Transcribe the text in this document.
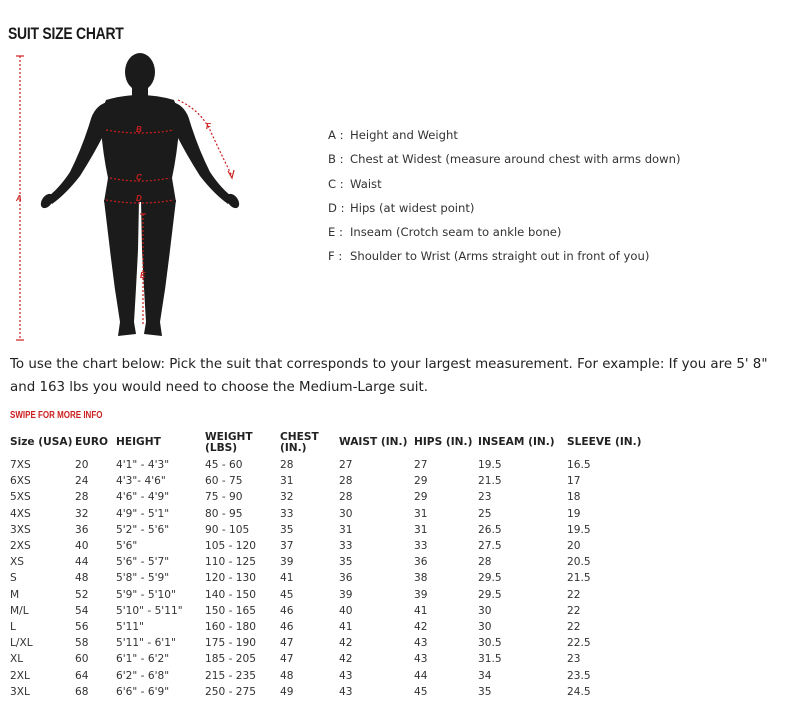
SUIT SIZE CHART
A
B
C
D
E
F
A : Height and Weight
B : Chest at Widest (measure around chest with arms down)
C : Waist
D : Hips (at widest point)
E : Inseam (Crotch seam to ankle bone)
F : Shoulder to Wrist (Arms straight out in front of you)
To use the chart below: Pick the suit that corresponds to your largest measurement. For example: If you are 5' 8" and 163 lbs you would need to choose the Medium-Large suit.
SWIPE FOR MORE INFO
Size (USA)	EURO	HEIGHT	WEIGHT (LBS)	CHEST (IN.)	WAIST (IN.)	HIPS (IN.)	INSEAM (IN.)	SLEEVE (IN.)
7XS	20	4'1" - 4'3"	45 - 60	28	27	27	19.5	16.5
6XS	24	4'3"- 4'6"	60 - 75	31	28	29	21.5	17
5XS	28	4'6" - 4'9"	75 - 90	32	28	29	23	18
4XS	32	4'9" - 5'1"	80 - 95	33	30	31	25	19
3XS	36	5'2" - 5'6"	90 - 105	35	31	31	26.5	19.5
2XS	40	5'6"	105 - 120	37	33	33	27.5	20
XS	44	5'6" - 5'7"	110 - 125	39	35	36	28	20.5
S	48	5'8" - 5'9"	120 - 130	41	36	38	29.5	21.5
M	52	5'9" - 5'10"	140 - 150	45	39	39	29.5	22
M/L	54	5'10" - 5'11"	150 - 165	46	40	41	30	22
L	56	5'11"	160 - 180	46	41	42	30	22
L/XL	58	5'11" - 6'1"	175 - 190	47	42	43	30.5	22.5
XL	60	6'1" - 6'2"	185 - 205	47	42	43	31.5	23
2XL	64	6'2" - 6'8"	215 - 235	48	43	44	34	23.5
3XL	68	6'6" - 6'9"	250 - 275	49	43	45	35	24.5
